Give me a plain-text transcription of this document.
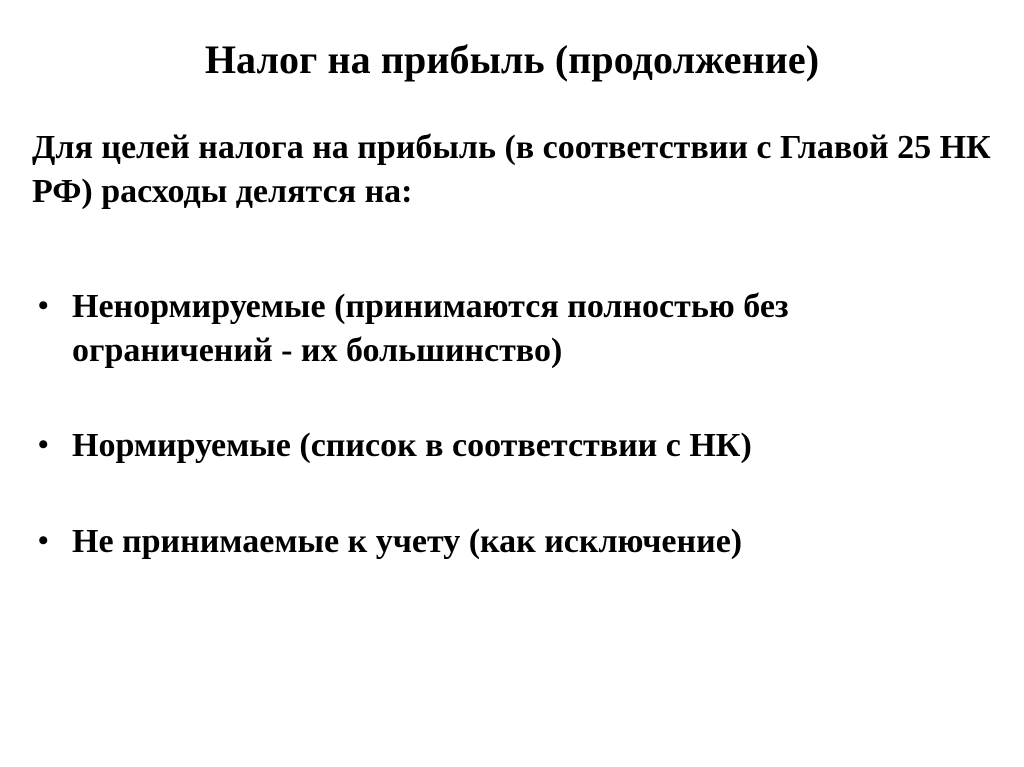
Налог на прибыль (продолжение)

Для целей налога на прибыль (в соответствии с Главой 25 НК РФ) расходы делятся на:

• Ненормируемые (принимаются полностью без ограничений - их большинство)
• Нормируемые (список в соответствии с НК)
• Не принимаемые к учету (как исключение)
